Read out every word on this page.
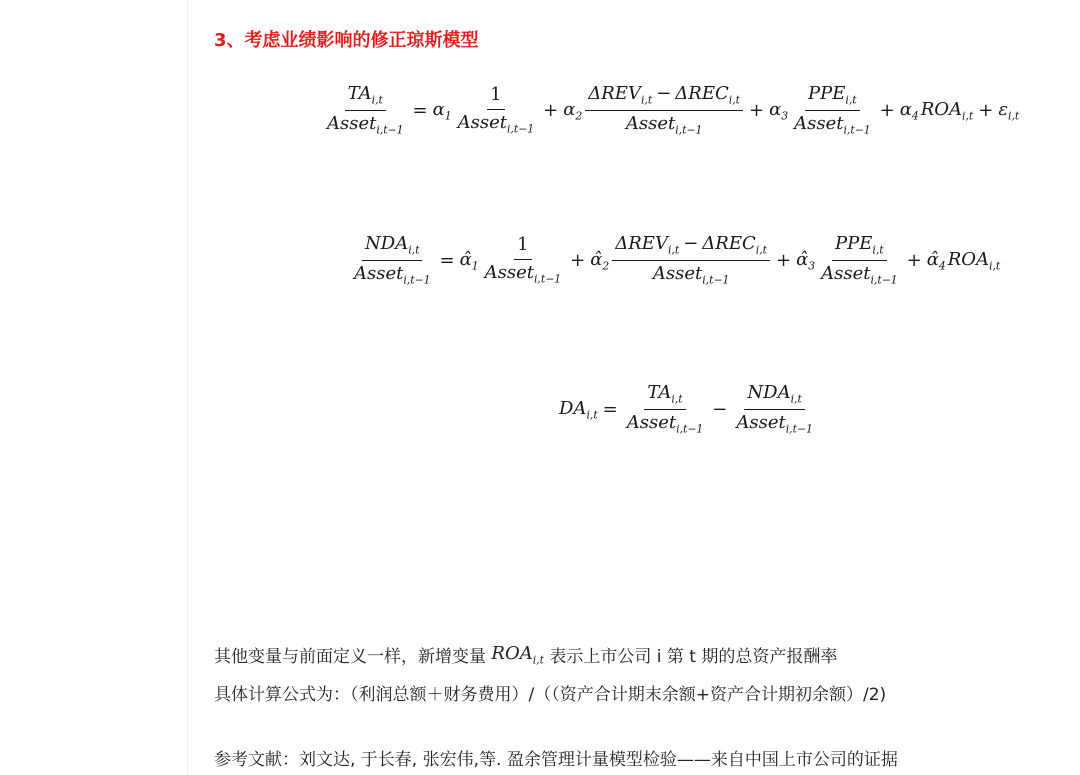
3、考虑业绩影响的修正琼斯模型
$\frac{TA_{i,t}}{Asset_{i,t-1}} = \alpha_1 \frac{1}{Asset_{i,t-1}} + \alpha_2 \frac{\Delta REV_{i,t} - \Delta REC_{i,t}}{Asset_{i,t-1}} + \alpha_3 \frac{PPE_{i,t}}{Asset_{i,t-1}} + \alpha_4$ $ROA_{i,t} + \varepsilon_{i,t}$
$\frac{NDA_{i,t}}{Asset_{i,t-1}}$ = $\alphâ_1 \frac{1}{Asset_{i,t-1}}$ + $\alphâ_2 \frac{\Delta REV_{i,t} - \Delta REC_{i,t}}{Asset_{i,t-1}}$ + $\alphâ_3 \frac{PPE_{i,t}}{Asset_{i,t-1}}$ + $\alphâ_4$ $ROA_{i,t}$
$DA_{i,t} = \frac{TA_{i,t}}{Asset_{i,t-1}} - \frac{NDA_{i,t}}{Asset_{i,t-1}}$
其他变量与前面定义一样，新增变量 $ROA_{i,t}$ 表示上市公司 i 第 t 期的总资产报酬率
具体计算公式为：（利润总额＋财务费用）/（（资产合计期末余额+资产合计期初余额）/2)
参考文献：刘文达, 于长春, 张宏伟,等. 盈余管理计量模型检验——来自中国上市公司的证据
